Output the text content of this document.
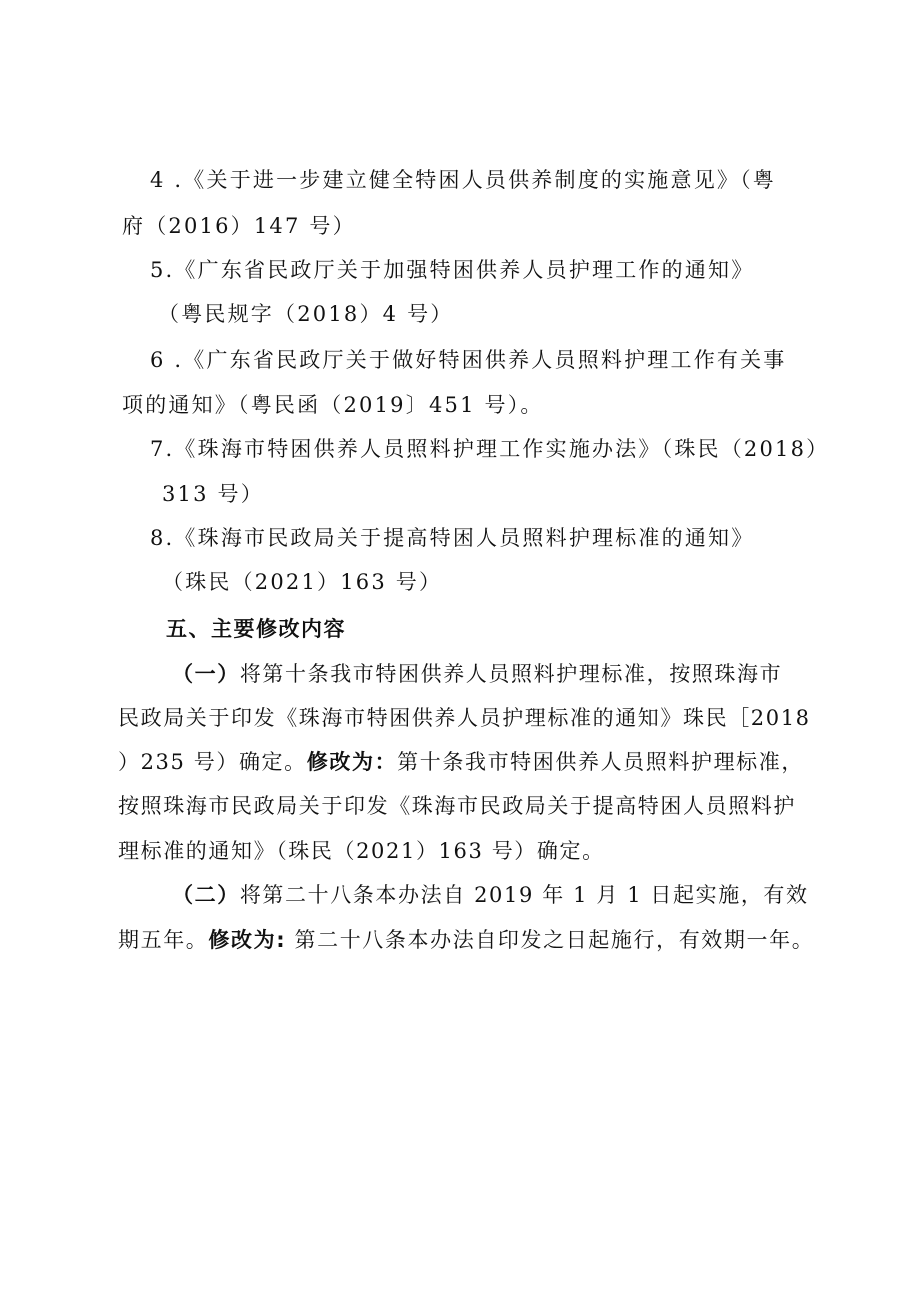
4 .《关于进一步建立健全特困人员供养制度的实施意见》（粤
府（2016）147 号）
5.《广东省民政厅关于加强特困供养人员护理工作的通知》
（粤民规字（2018）4 号）
6 .《广东省民政厅关于做好特困供养人员照料护理工作有关事
项的通知》（粤民函（2019〕451 号）。
7.《珠海市特困供养人员照料护理工作实施办法》（珠民（2018）
313 号）
8.《珠海市民政局关于提高特困人员照料护理标准的通知》
（珠民（2021）163 号）
五、主要修改内容
（一）将第十条我市特困供养人员照料护理标准，按照珠海市
民政局关于印发《珠海市特困供养人员护理标准的通知》珠民［2018
）235 号）确定。修改为：第十条我市特困供养人员照料护理标准，
按照珠海市民政局关于印发《珠海市民政局关于提高特困人员照料护
理标准的通知》（珠民（2021）163 号）确定。
（二）将第二十八条本办法自 2019 年 1 月 1 日起实施，有效
期五年。修改为: 第二十八条本办法自印发之日起施行，有效期一年。
